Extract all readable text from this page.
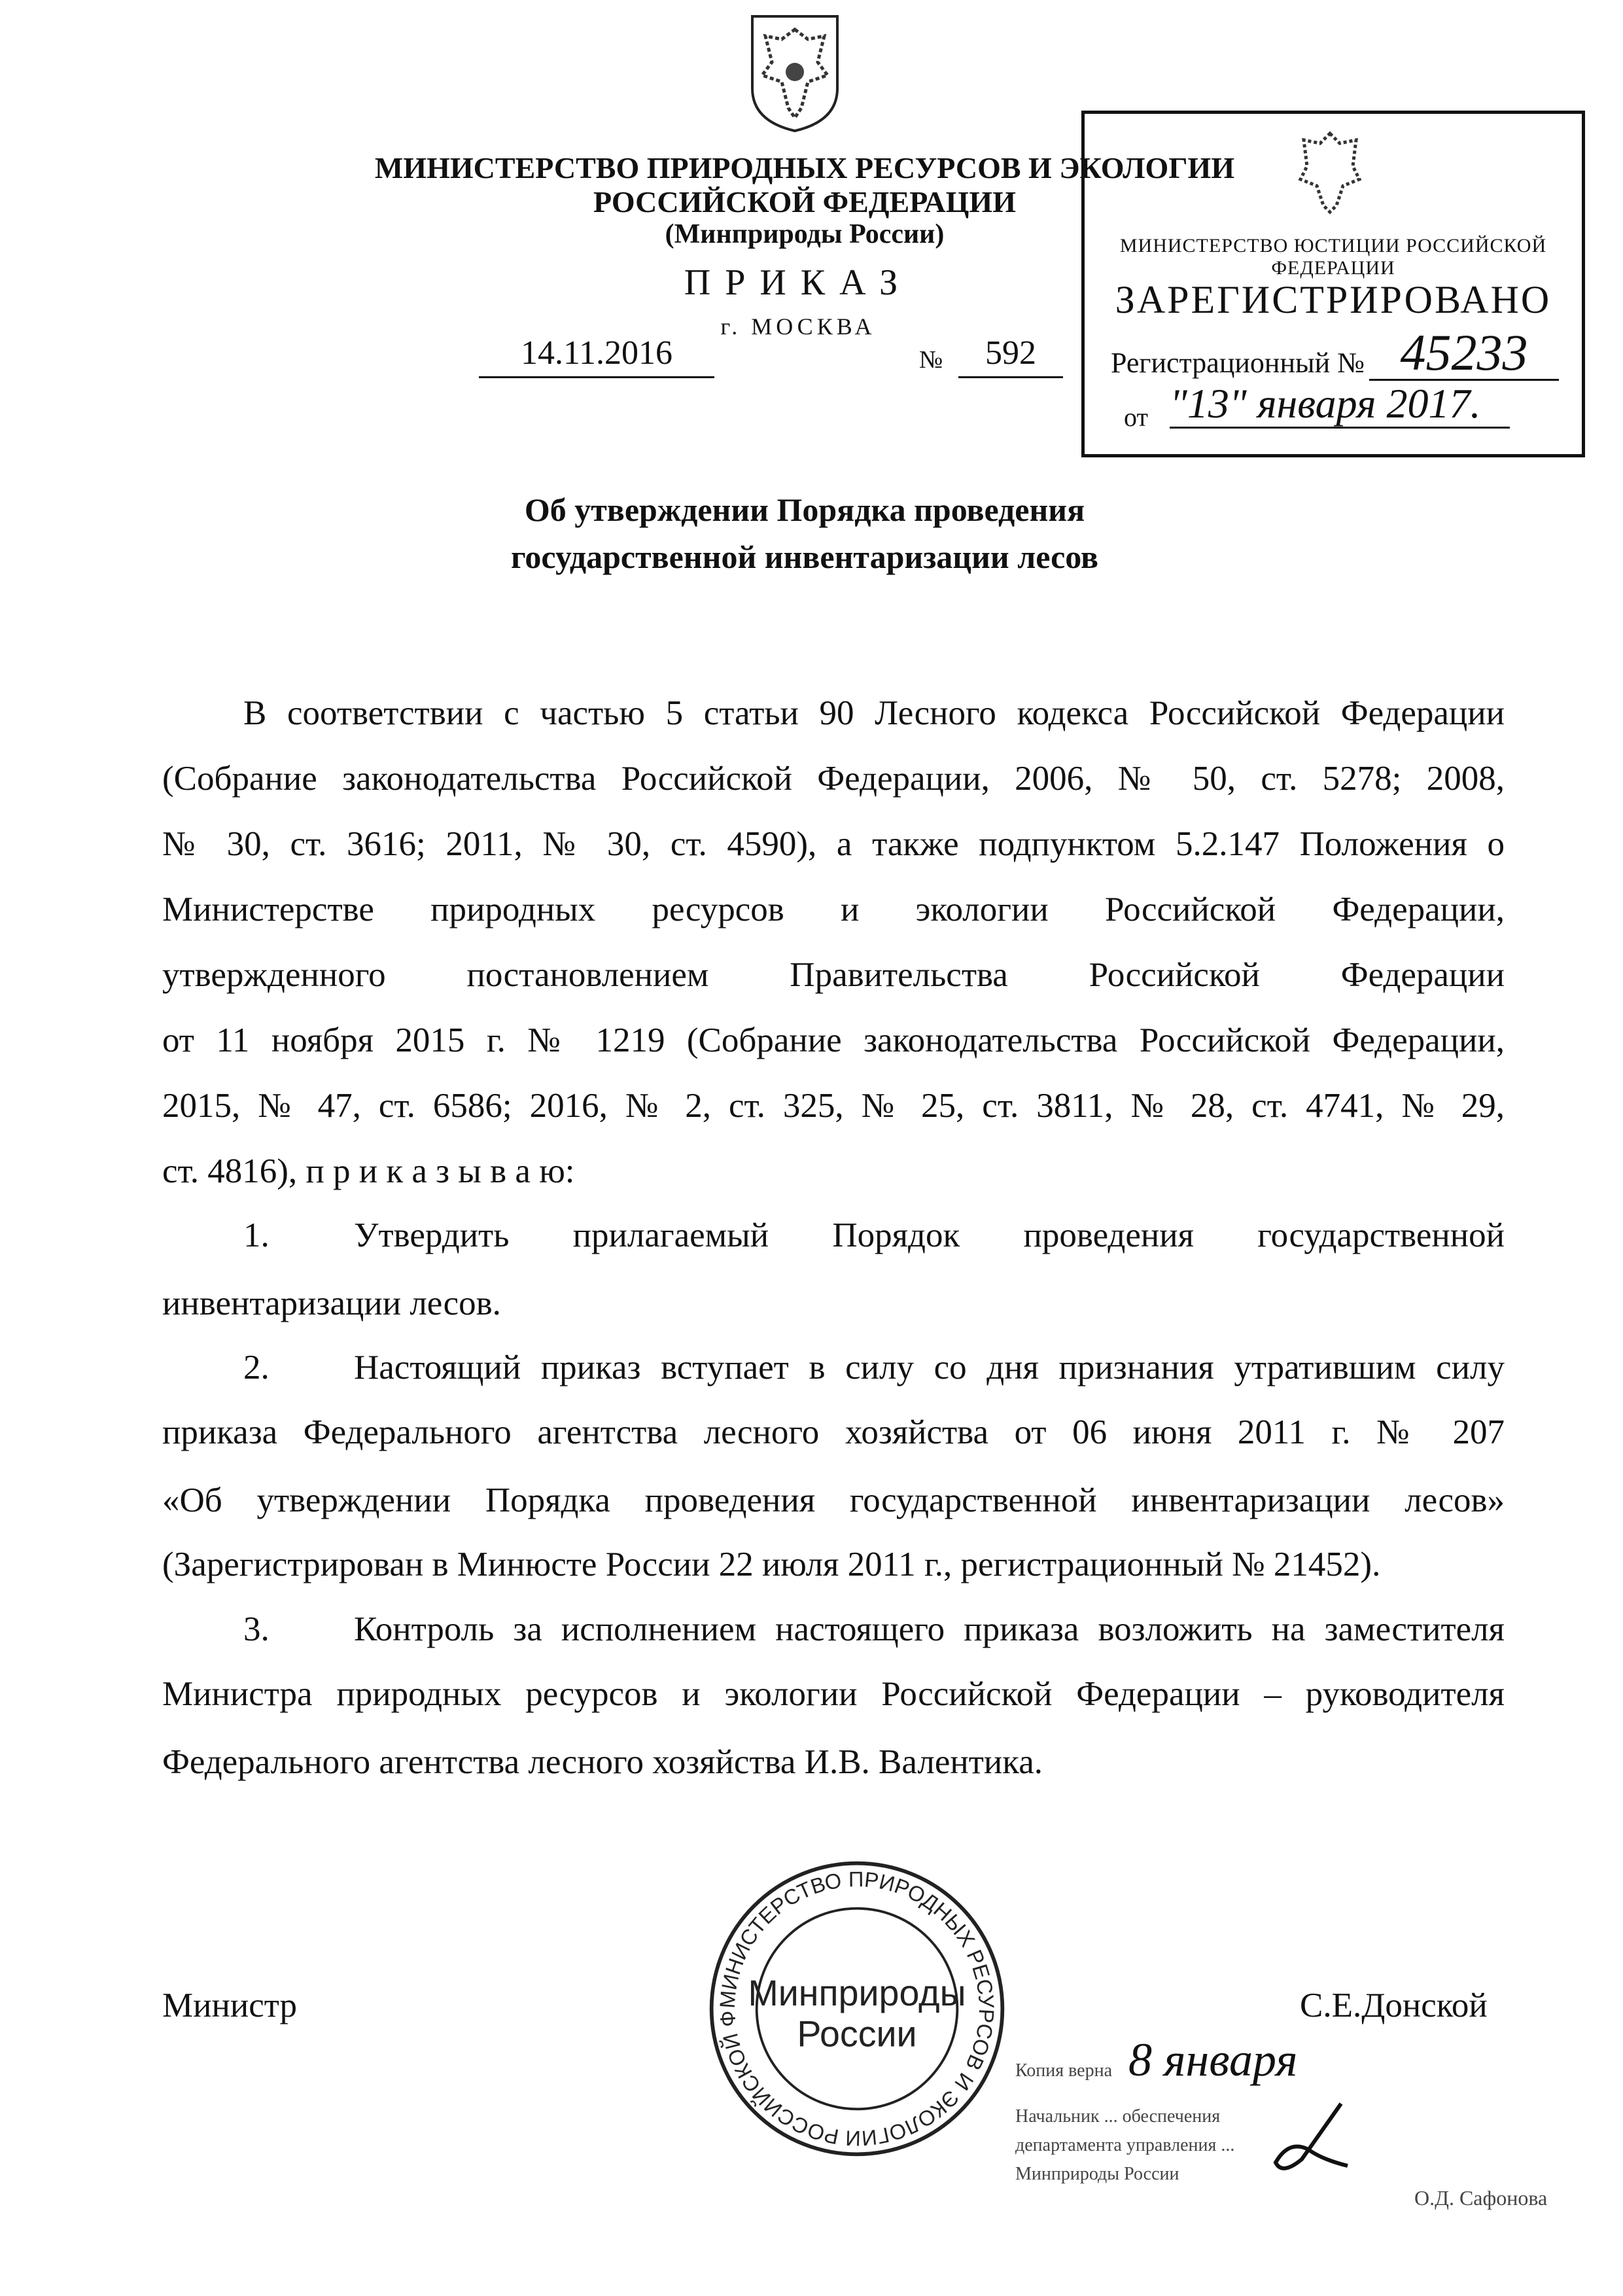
МИНИСТЕРСТВО ПРИРОДНЫХ РЕСУРСОВ И ЭКОЛОГИИ
РОССИЙСКОЙ ФЕДЕРАЦИИ
(Минприроды России)
ПРИКАЗ
г. МОСКВА
14.11.2016	№	592
МИНИСТЕРСТВО ЮСТИЦИИ РОССИЙСКОЙ ФЕДЕРАЦИИ
ЗАРЕГИСТРИРОВАНО
Регистрационный № 45233
от "13" января 2017.
Об утверждении Порядка проведения
государственной инвентаризации лесов
В соответствии с частью 5 статьи 90 Лесного кодекса Российской Федерации
(Собрание законодательства Российской Федерации, 2006, № 50, ст. 5278; 2008,
№ 30, ст. 3616; 2011, № 30, ст. 4590), а также подпунктом 5.2.147 Положения о
Министерстве природных ресурсов и экологии Российской Федерации,
утвержденного постановлением Правительства Российской Федерации
от 11 ноября 2015 г. № 1219 (Собрание законодательства Российской Федерации,
2015, № 47, ст. 6586; 2016, № 2, ст. 325, № 25, ст. 3811, № 28, ст. 4741, № 29,
ст. 4816), п р и к а з ы в а ю:
1. Утвердить прилагаемый Порядок проведения государственной
инвентаризации лесов.
2. Настоящий приказ вступает в силу со дня признания утратившим силу
приказа Федерального агентства лесного хозяйства от 06 июня 2011 г. № 207
«Об утверждении Порядка проведения государственной инвентаризации лесов»
(Зарегистрирован в Минюсте России 22 июля 2011 г., регистрационный № 21452).
3. Контроль за исполнением настоящего приказа возложить на заместителя
Министра природных ресурсов и экологии Российской Федерации – руководителя
Федерального агентства лесного хозяйства И.В. Валентика.
Министр	С.Е.Донской
МИНИСТЕРСТВО ПРИРОДНЫХ РЕСУРСОВ И ЭКОЛОГИИ РОССИЙСКОЙ Ф
Минприроды
России
Копия верна 8 января
Начальник ... обеспечения
департамента управления ...
Минприроды России
О.Д. Сафонова
